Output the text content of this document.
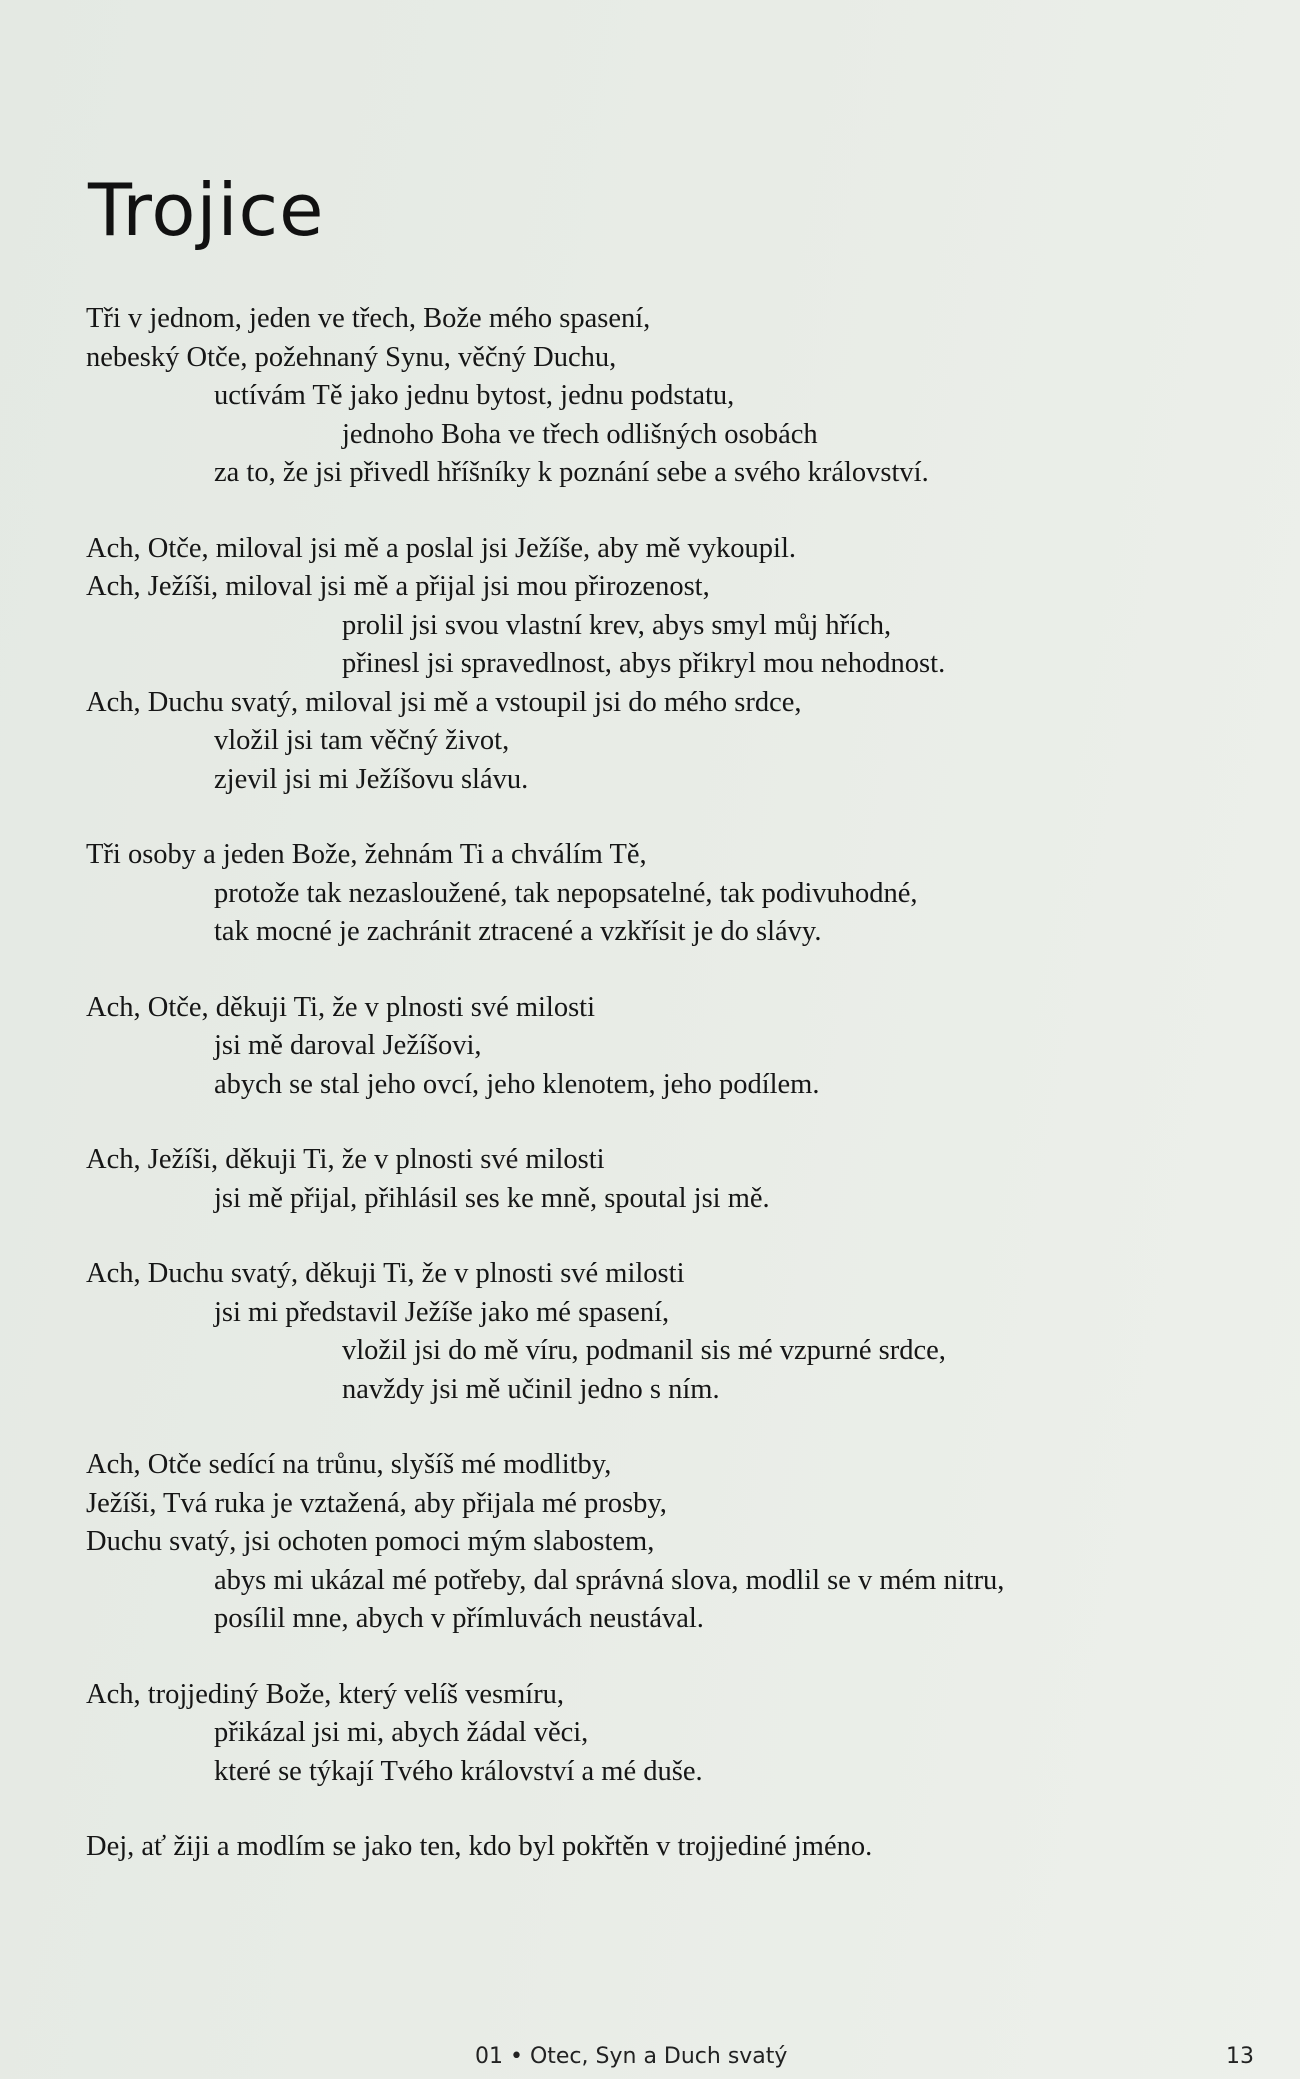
Trojice
Tři v jednom, jeden ve třech, Bože mého spasení,
nebeský Otče, požehnaný Synu, věčný Duchu,
uctívám Tě jako jednu bytost, jednu podstatu,
jednoho Boha ve třech odlišných osobách
za to, že jsi přivedl hříšníky k poznání sebe a svého království.
Ach, Otče, miloval jsi mě a poslal jsi Ježíše, aby mě vykoupil.
Ach, Ježíši, miloval jsi mě a přijal jsi mou přirozenost,
prolil jsi svou vlastní krev, abys smyl můj hřích,
přinesl jsi spravedlnost, abys přikryl mou nehodnost.
Ach, Duchu svatý, miloval jsi mě a vstoupil jsi do mého srdce,
vložil jsi tam věčný život,
zjevil jsi mi Ježíšovu slávu.
Tři osoby a jeden Bože, žehnám Ti a chválím Tě,
protože tak nezasloužené, tak nepopsatelné, tak podivuhodné,
tak mocné je zachránit ztracené a vzkřísit je do slávy.
Ach, Otče, děkuji Ti, že v plnosti své milosti
jsi mě daroval Ježíšovi,
abych se stal jeho ovcí, jeho klenotem, jeho podílem.
Ach, Ježíši, děkuji Ti, že v plnosti své milosti
jsi mě přijal, přihlásil ses ke mně, spoutal jsi mě.
Ach, Duchu svatý, děkuji Ti, že v plnosti své milosti
jsi mi představil Ježíše jako mé spasení,
vložil jsi do mě víru, podmanil sis mé vzpurné srdce,
navždy jsi mě učinil jedno s ním.
Ach, Otče sedící na trůnu, slyšíš mé modlitby,
Ježíši, Tvá ruka je vztažená, aby přijala mé prosby,
Duchu svatý, jsi ochoten pomoci mým slabostem,
abys mi ukázal mé potřeby, dal správná slova, modlil se v mém nitru,
posílil mne, abych v přímluvách neustával.
Ach, trojjediný Bože, který velíš vesmíru,
přikázal jsi mi, abych žádal věci,
které se týkají Tvého království a mé duše.
Dej, ať žiji a modlím se jako ten, kdo byl pokřtěn v trojjediné jméno.
01 • Otec, Syn a Duch svatý	13
